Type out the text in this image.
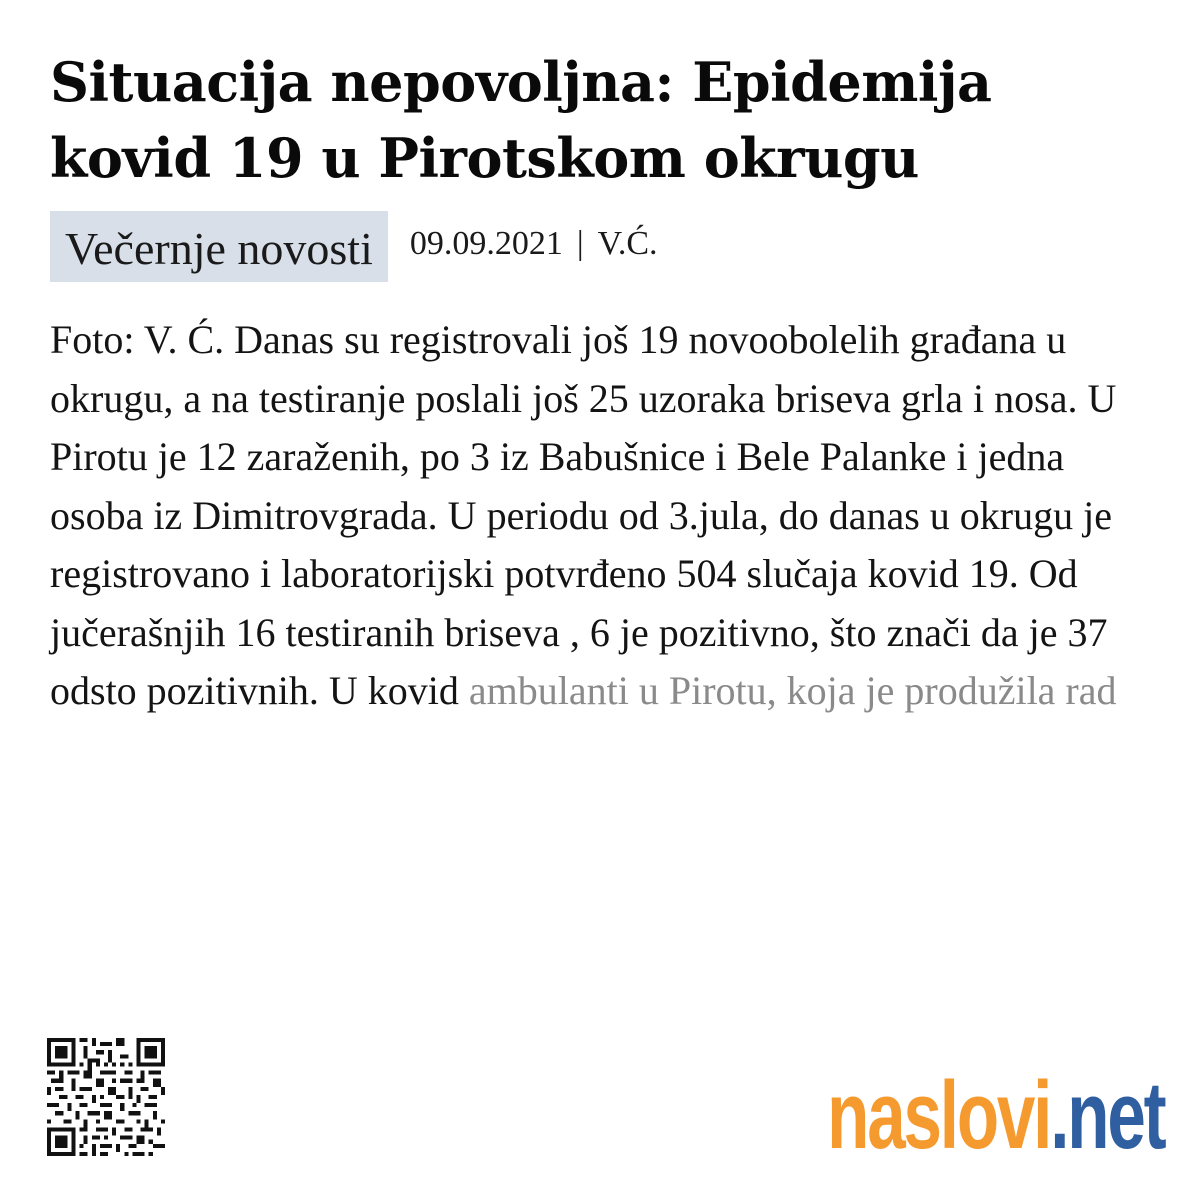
Situacija nepovoljna: Epidemija kovid 19 u Pirotskom okrugu
Večernje novosti	09.09.2021 | V.Ć.

Foto: V. Ć. Danas su registrovali još 19 novoobolelih građana u okrugu, a na testiranje poslali još 25 uzoraka briseva grla i nosa. U Pirotu je 12 zaraženih, po 3 iz Babušnice i Bele Palanke i jedna osoba iz Dimitrovgrada. U periodu od 3.jula, do danas u okrugu je registrovano i laboratorijski potvrđeno 504 slučaja kovid 19. Od jučerašnjih 16 testiranih briseva , 6 je pozitivno, što znači da je 37 odsto pozitivnih. U kovid ambulanti u Pirotu, koja je produžila rad

naslovi.net
